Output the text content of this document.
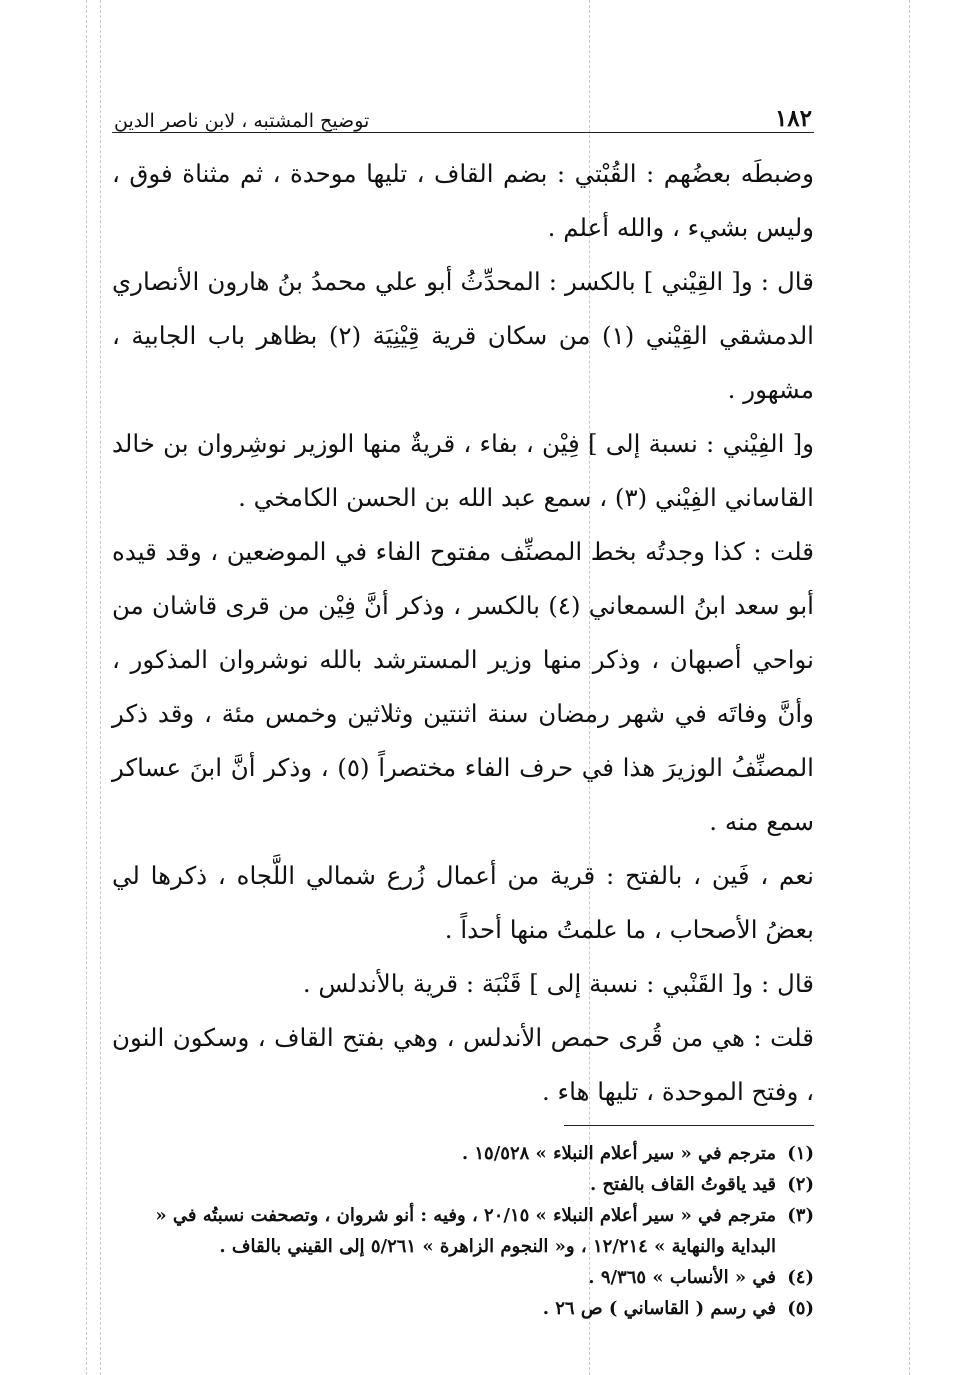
١٨٢
توضيح المشتبه ، لابن ناصر الدين

وضبطَه بعضُهم : القُبْتي : بضم القاف ، تليها موحدة ، ثم مثناة فوق ، وليس بشيء ، والله أعلم .

قال : و[ القِيْني ] بالكسر : المحدِّثُ أبو علي محمدُ بنُ هارون الأنصاري الدمشقي القِيْني (١) من سكان قرية قِيْنِيَة (٢) بظاهر باب الجابية ، مشهور .

و[ الفِيْني : نسبة إلى ] فِيْن ، بفاء ، قريةٌ منها الوزير نوشِروان بن خالد القاساني الفِيْني (٣) ، سمع عبد الله بن الحسن الكامخي .

قلت : كذا وجدتُه بخط المصنِّف مفتوح الفاء في الموضعين ، وقد قيده أبو سعد ابنُ السمعاني (٤) بالكسر ، وذكر أنَّ فِيْن من قرى قاشان من نواحي أصبهان ، وذكر منها وزير المسترشد بالله نوشروان المذكور ، وأنَّ وفاتَه في شهر رمضان سنة اثنتين وثلاثين وخمس مئة ، وقد ذكر المصنِّفُ الوزيرَ هذا في حرف الفاء مختصراً (٥) ، وذكر أنَّ ابنَ عساكر سمع منه .

نعم ، فَين ، بالفتح : قرية من أعمال زُرع شمالي اللَّجاه ، ذكرها لي بعضُ الأصحاب ، ما علمتُ منها أحداً .

قال : و[ القَنْبي : نسبة إلى ] قَنْبَة : قرية بالأندلس .

قلت : هي من قُرى حمص الأندلس ، وهي بفتح القاف ، وسكون النون ، وفتح الموحدة ، تليها هاء .

(١)
مترجم في « سير أعلام النبلاء » ١٥/٥٢٨ .
(٢)
قيد ياقوتُ القاف بالفتح .
(٣)
مترجم في « سير أعلام النبلاء » ٢٠/١٥ ، وفيه : أنو شروان ، وتصحفت نسبتُه في « البداية والنهاية » ١٢/٢١٤ ، و« النجوم الزاهرة » ٥/٢٦١ إلى القيني بالقاف .
(٤)
في « الأنساب » ٩/٣٦٥ .
(٥)
في رسم ( القاساني ) ص ٢٦ .
